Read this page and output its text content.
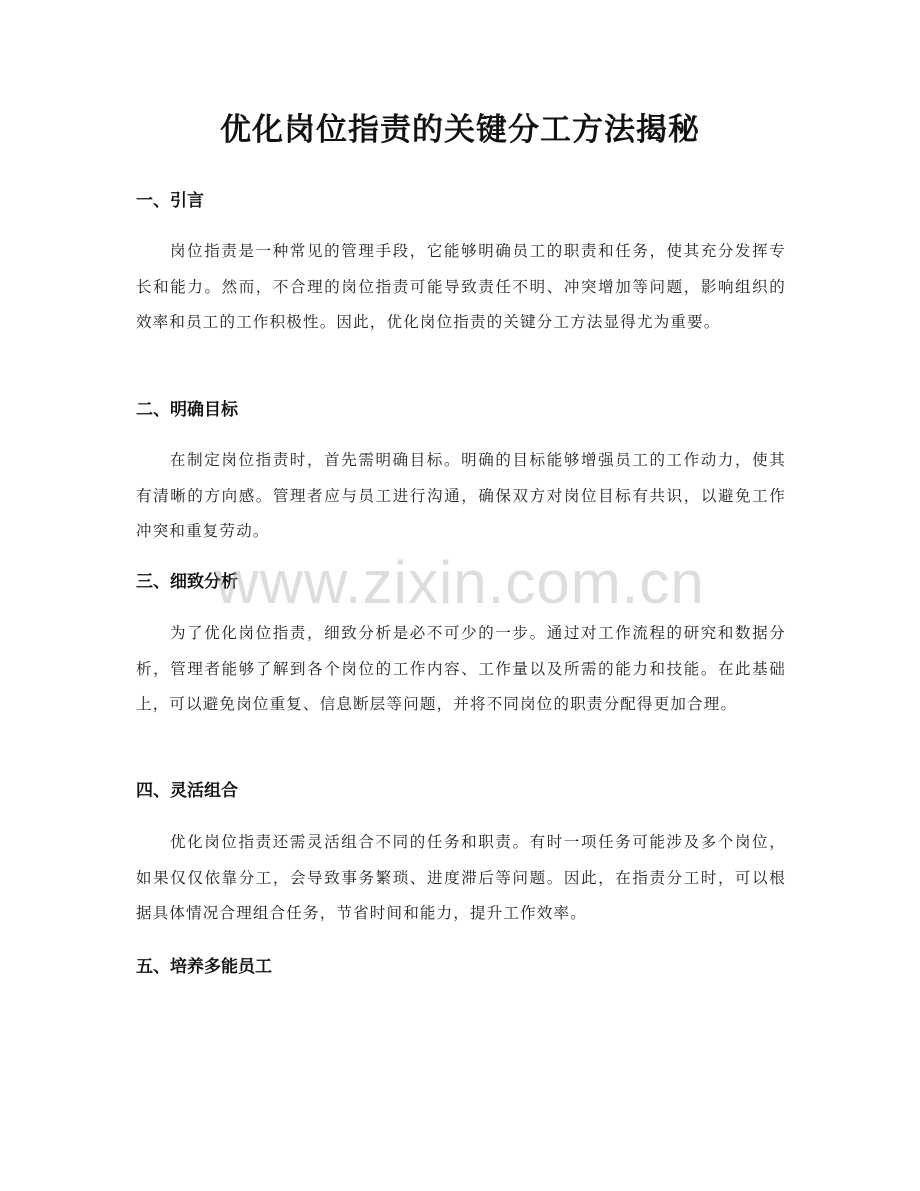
优化岗位指责的关键分工方法揭秘
一、引言
岗位指责是一种常见的管理手段，它能够明确员工的职责和任务，使其充分发挥专长和能力。然而，不合理的岗位指责可能导致责任不明、冲突增加等问题，影响组织的效率和员工的工作积极性。因此，优化岗位指责的关键分工方法显得尤为重要。
二、明确目标
在制定岗位指责时，首先需明确目标。明确的目标能够增强员工的工作动力，使其有清晰的方向感。管理者应与员工进行沟通，确保双方对岗位目标有共识，以避免工作冲突和重复劳动。
三、细致分析
为了优化岗位指责，细致分析是必不可少的一步。通过对工作流程的研究和数据分析，管理者能够了解到各个岗位的工作内容、工作量以及所需的能力和技能。在此基础上，可以避免岗位重复、信息断层等问题，并将不同岗位的职责分配得更加合理。
四、灵活组合
优化岗位指责还需灵活组合不同的任务和职责。有时一项任务可能涉及多个岗位，如果仅仅依靠分工，会导致事务繁琐、进度滞后等问题。因此，在指责分工时，可以根据具体情况合理组合任务，节省时间和能力，提升工作效率。
五、培养多能员工
www.zixin.com.cn
